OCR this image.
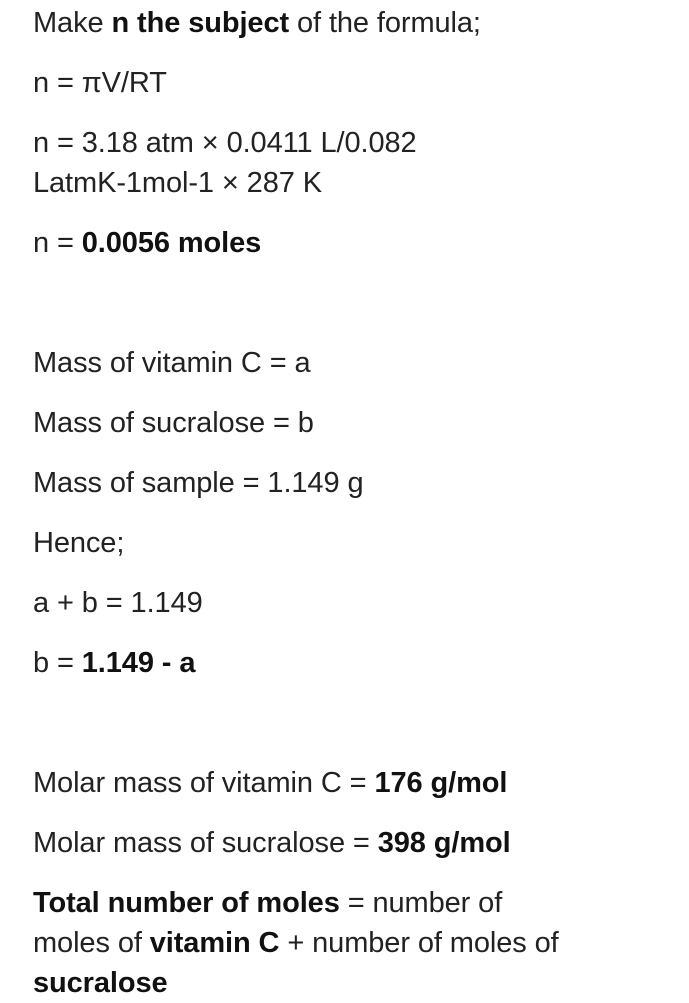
Make n the subject of the formula;
n = πV/RT
n = 3.18 atm × 0.0411 L/0.082
LatmK-1mol-1 × 287 K
n = 0.0056 moles
Mass of vitamin C = a
Mass of sucralose = b
Mass of sample = 1.149 g
Hence;
a + b = 1.149
b = 1.149 - a
Molar mass of vitamin C = 176 g/mol
Molar mass of sucralose = 398 g/mol
Total number of moles = number of
moles of vitamin C + number of moles of
sucralose
